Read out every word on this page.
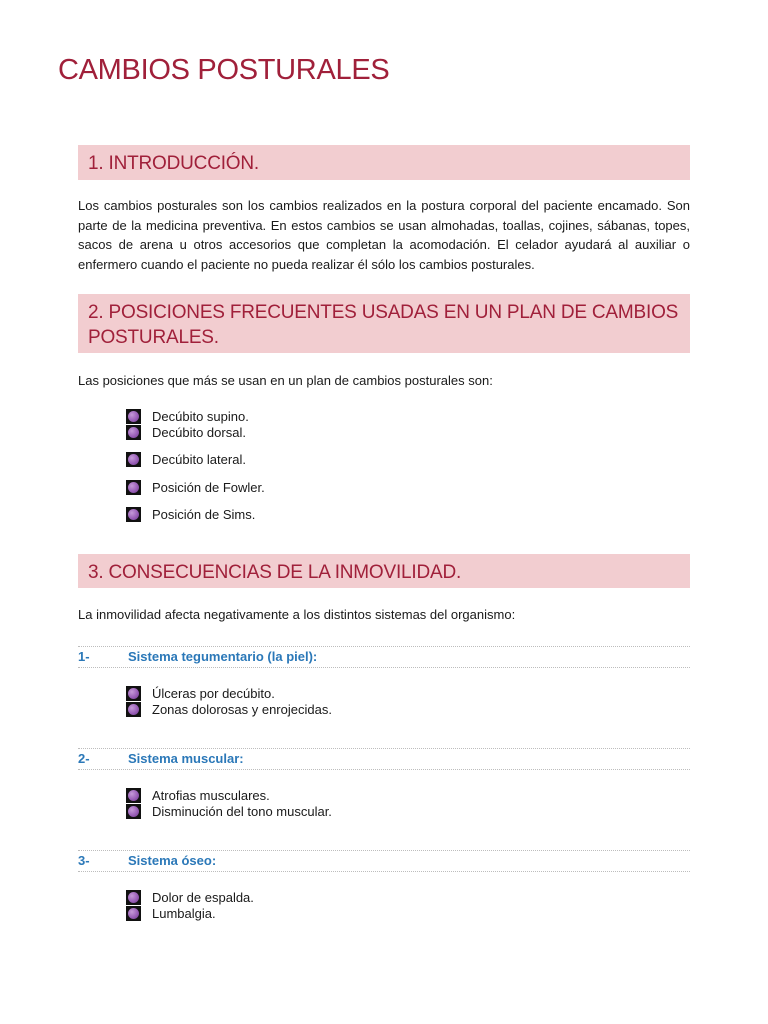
CAMBIOS POSTURALES
1. INTRODUCCIÓN.
Los cambios posturales son los cambios realizados en la postura corporal del paciente encamado. Son parte de la medicina preventiva. En estos cambios se usan almohadas, toallas, cojines, sábanas, topes, sacos de arena u otros accesorios que completan la acomodación. El celador ayudará al auxiliar o enfermero cuando el paciente no pueda realizar él sólo los cambios posturales.
2. POSICIONES FRECUENTES USADAS EN UN PLAN DE CAMBIOS POSTURALES.
Las posiciones que más se usan en un plan de cambios posturales son:
Decúbito supino.
Decúbito dorsal.
Decúbito lateral.
Posición de Fowler.
Posición de Sims.
3. CONSECUENCIAS DE LA INMOVILIDAD.
La inmovilidad afecta negativamente a los distintos sistemas del organismo:
1-	Sistema tegumentario (la piel):
Úlceras por decúbito.
Zonas dolorosas y enrojecidas.
2-	Sistema muscular:
Atrofias musculares.
Disminución del tono muscular.
3-	Sistema óseo:
Dolor de espalda.
Lumbalgia.
